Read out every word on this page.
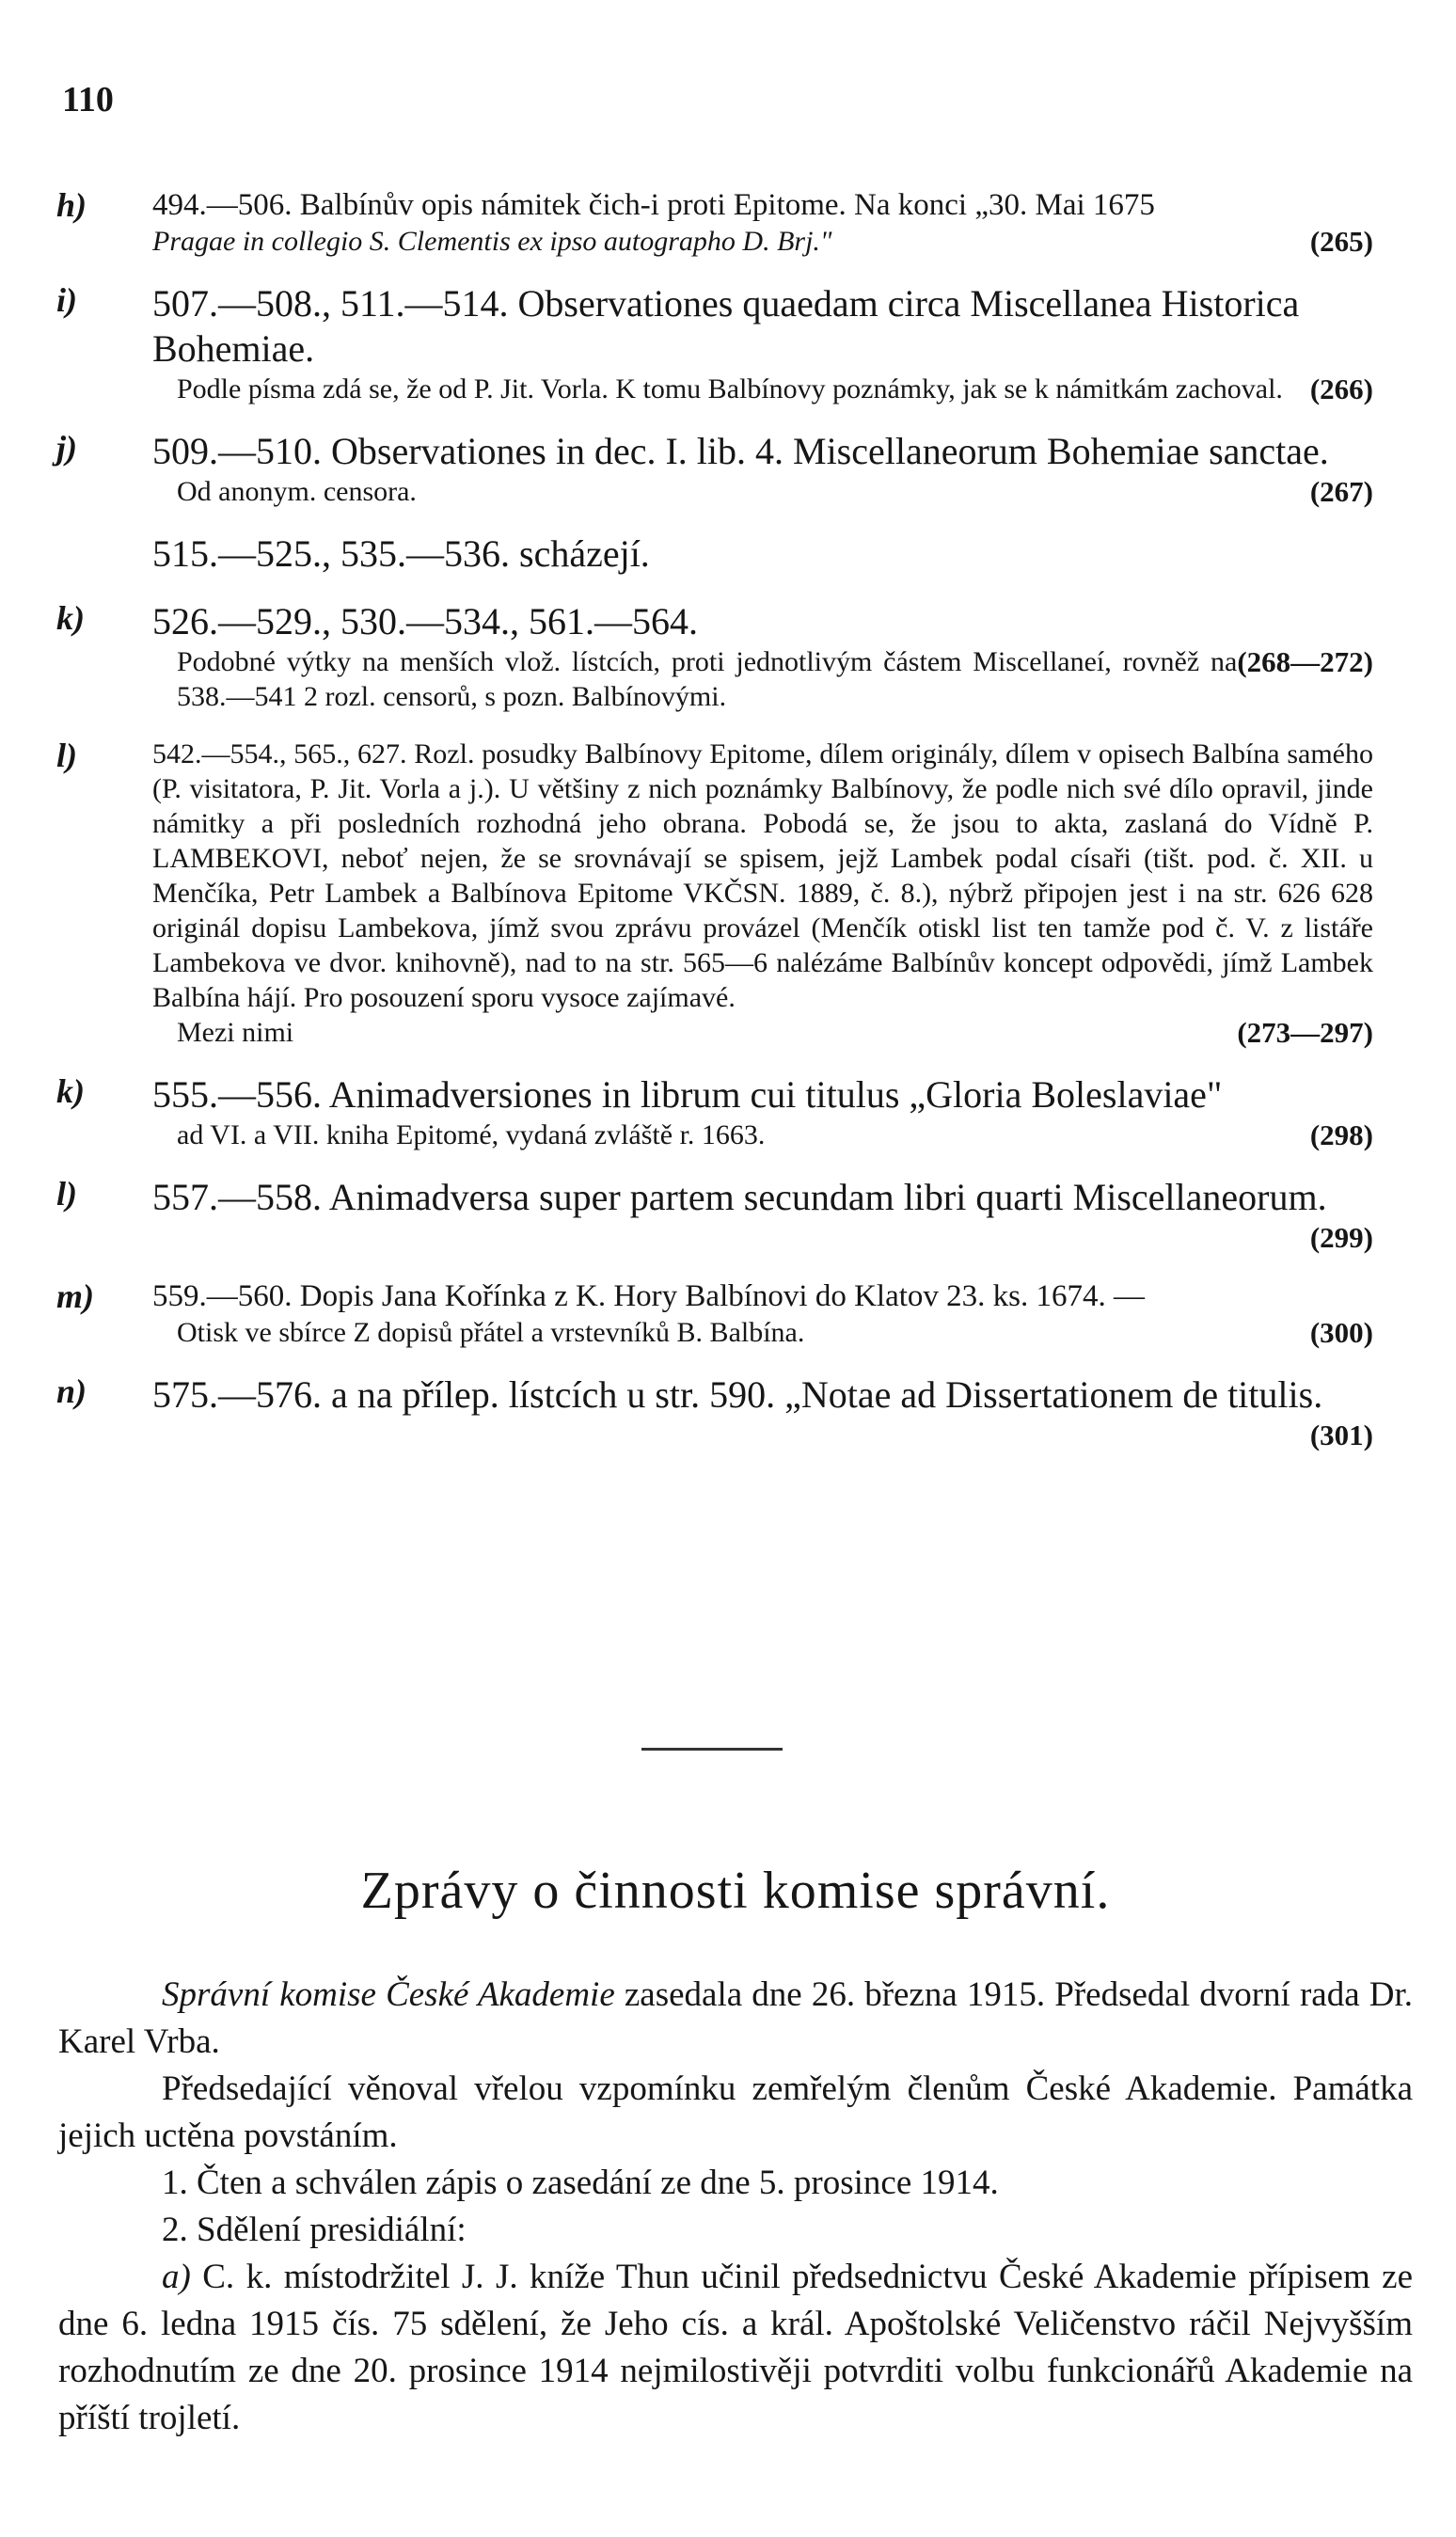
110
h) 494.—506. Balbínův opis námitek čich-i proti Epitome. Na konci „30. Mai 1675
(265)
Pragae in collegio S. Clementis ex ipso autographo D. Brj."
i) 507.—508., 511.—514. Observationes quaedam circa Miscellanea Historica Bohemiae.
(266)
Podle písma zdá se, že od P. Jit. Vorla. K tomu Balbínovy poznámky, jak se k námitkám zachoval.
j) 509.—510. Observationes in dec. I. lib. 4. Miscellaneorum Bohemiae sanctae.
(267)
Od anonym. censora.
515.—525., 535.—536. scházejí.
k) 526.—529., 530.—534., 561.—564.
(268—272)
Podobné výtky na menších vlož. lístcích, proti jednotlivým částem Miscellaneí, rovněž na 538.—541 2 rozl. censorů, s pozn. Balbínovými.
l)	542.—554., 565., 627. Rozl. posudky Balbínovy Epitome, dílem originály, dílem v opisech Balbína samého (P. visitatora, P. Jit. Vorla a j.). U většiny z nich poznámky Balbínovy, že podle nich své dílo opravil, jinde námitky a při posledních rozhodná jeho obrana. Pobodá se, že jsou to akta, zaslaná do Vídně P. LAMBEKOVI, neboť nejen, že se srovnávají se spisem, jejž Lambek podal císaři (tišt. pod. č. XII. u Menčíka, Petr Lambek a Balbínova Epitome VKČSN. 1889, č. 8.), nýbrž připojen jest i na str. 626 628 originál dopisu Lambekova, jímž svou zprávu provázel (Menčík otiskl list ten tamže pod č. V. z listáře Lambekova ve dvor. knihovně), nad to na str. 565—6 nalézáme Balbínův koncept odpovědi, jímž Lambek Balbína hájí. Pro posouzení sporu vysoce zajímavé.
(273—297)
Mezi nimi
k) 555.—556. Animadversiones in librum cui titulus „Gloria Boleslaviae"
(298)
ad VI. a VII. kniha Epitomé, vydaná zvláště r. 1663.
l) 557.—558. Animadversa super partem secundam libri quarti Miscellaneorum.
(299)
m) 559.—560. Dopis Jana Kořínka z K. Hory Balbínovi do Klatov 23. ks. 1674. —
(300)
Otisk ve sbírce Z dopisů přátel a vrstevníků B. Balbína.
n) 575.—576. a na přílep. lístcích u str. 590. „Notae ad Dissertationem de titulis.
(301)
Zprávy o činnosti komise správní.

Správní komise České Akademie zasedala dne 26. března 1915. Předsedal dvorní rada Dr. Karel Vrba.

Předsedající věnoval vřelou vzpomínku zemřelým členům České Akademie. Památka jejich uctěna povstáním.

1. Čten a schválen zápis o zasedání ze dne 5. prosince 1914.

2. Sdělení presidiální:

a) C. k. místodržitel J. J. kníže Thun učinil předsednictvu České Akademie přípisem ze dne 6. ledna 1915 čís. 75 sdělení, že Jeho cís. a král. Apoštolské Veličenstvo ráčil Nejvyšším rozhodnutím ze dne 20. prosince 1914 nejmilostivěji potvrditi volbu funkcionářů Akademie na příští trojletí.
